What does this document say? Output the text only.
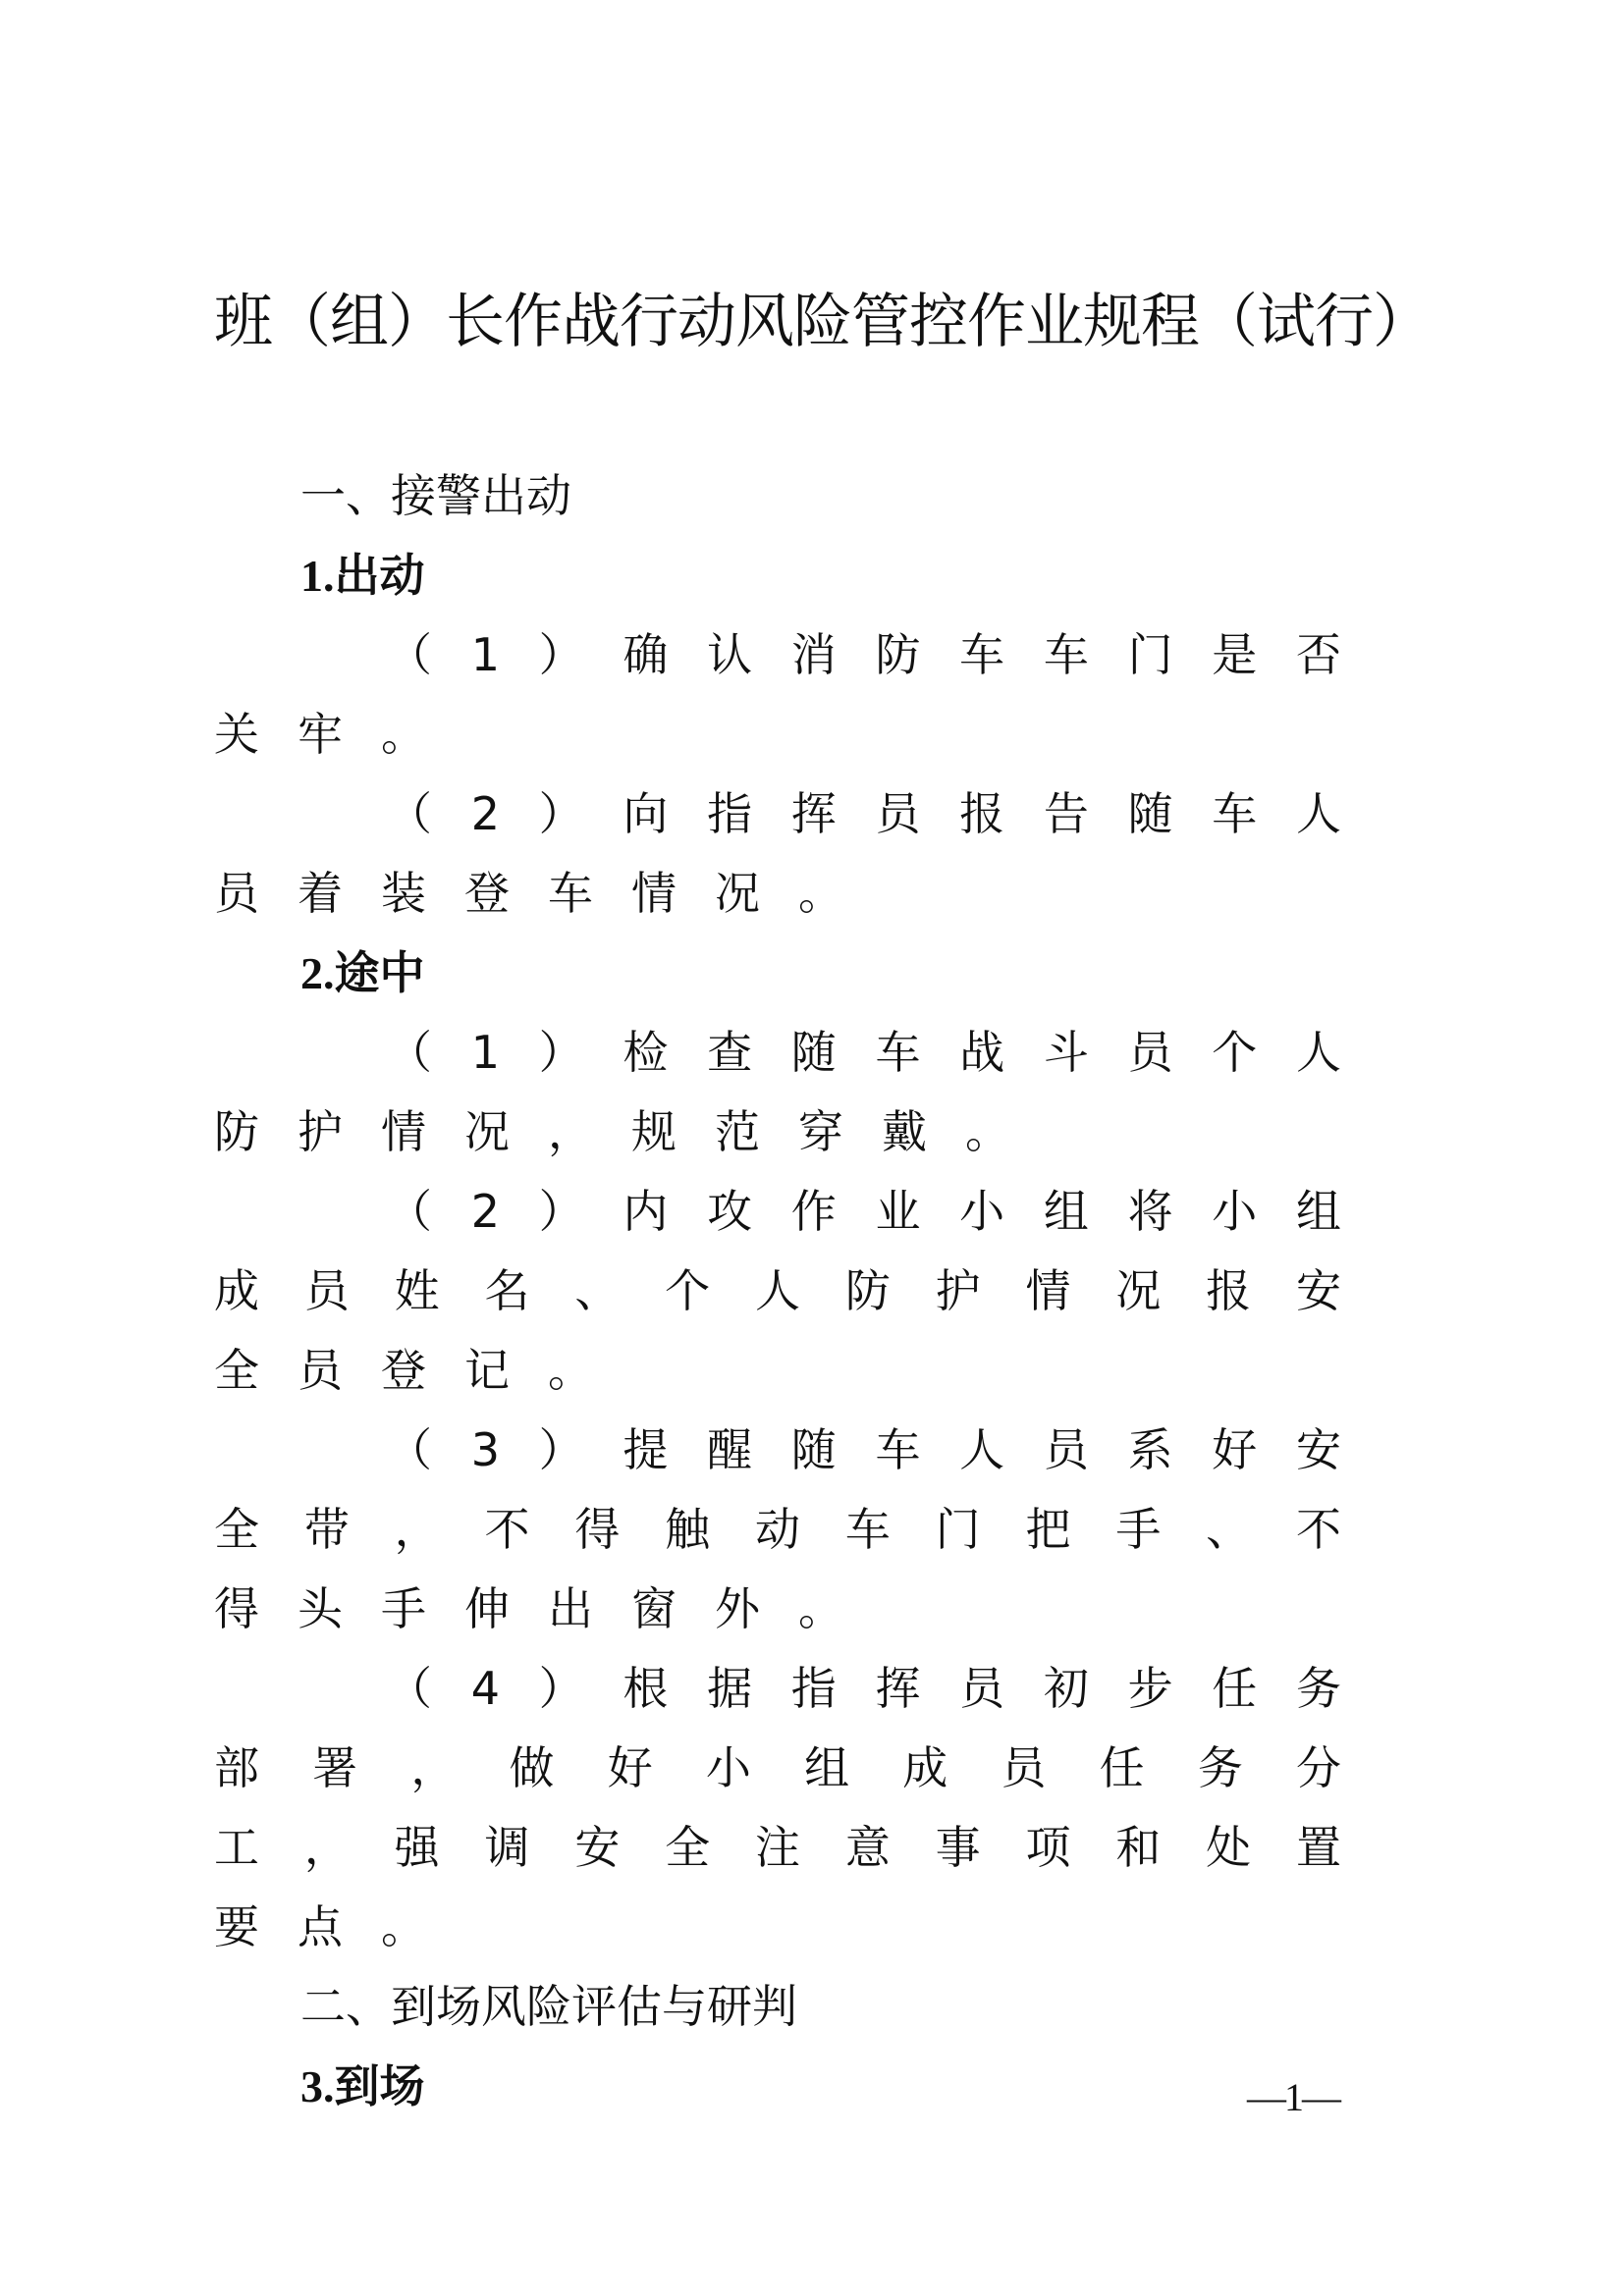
班（组）长作战行动风险管控作业规程（试行）

一、接警出动

1.出动

（1）确认消防车车门是否关牢。

（2）向指挥员报告随车人员着装登车情况。

2.途中

（1）检查随车战斗员个人防护情况，规范穿戴。

（2）内攻作业小组将小组成员姓名、个人防护情况报安全员登记。

（3）提醒随车人员系好安全带，不得触动车门把手、不得头手伸出窗外。

（4）根据指挥员初步任务部署，做好小组成员任务分工，强调安全注意事项和处置要点。

二、到场风险评估与研判

3.到场	—1—
